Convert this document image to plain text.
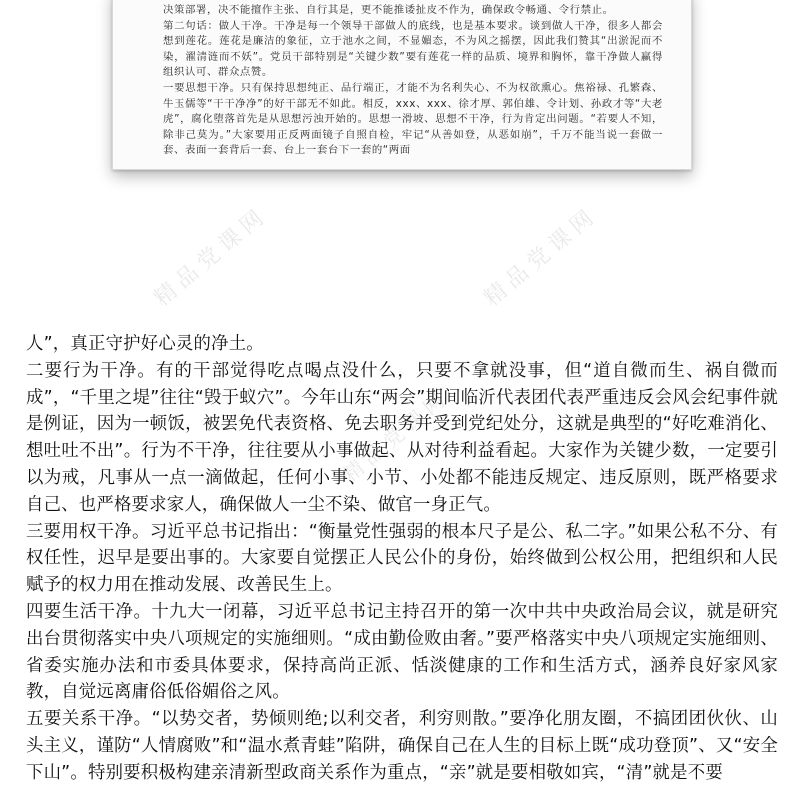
决策部署，决不能擅作主张、自行其是，更不能推诿扯皮不作为，确保政令畅通、令行禁止。

第二句话：做人干净。干净是每一个领导干部做人的底线，也是基本要求。谈到做人干净，很多人都会想到莲花。莲花是廉洁的象征，立于池水之间，不显媚态，不为风之摇摆，因此我们赞其“出淤泥而不染，濯清涟而不妖”。党员干部特别是“关键少数”要有莲花一样的品质、境界和胸怀，靠干净做人赢得组织认可、群众点赞。

一要思想干净。只有保持思想纯正、品行端正，才能不为名利失心、不为权欲熏心。焦裕禄、孔繁森、牛玉儒等“干干净净”的好干部无不如此。相反，xxx、xxx、徐才厚、郭伯雄、令计划、孙政才等“大老虎”，腐化堕落首先是从思想污浊开始的。思想一滑坡、思想不干净，行为肯定出问题。“若要人不知，除非己莫为。”大家要用正反两面镜子自照自检，牢记“从善如登，从恶如崩”，千万不能当说一套做一套、表面一套背后一套、台上一套台下一套的“两面

精品党课网	精品党课网
精品党课网

人”，真正守护好心灵的净土。

二要行为干净。有的干部觉得吃点喝点没什么，只要不拿就没事，但“道自微而生、祸自微而成”，“千里之堤”往往“毁于蚁穴”。今年山东“两会”期间临沂代表团代表严重违反会风会纪事件就是例证，因为一顿饭，被罢免代表资格、免去职务并受到党纪处分，这就是典型的“好吃难消化、想吐吐不出”。行为不干净，往往要从小事做起、从对待利益看起。大家作为关键少数，一定要引以为戒，凡事从一点一滴做起，任何小事、小节、小处都不能违反规定、违反原则，既严格要求自己、也严格要求家人，确保做人一尘不染、做官一身正气。

三要用权干净。习近平总书记指出：“衡量党性强弱的根本尺子是公、私二字。”如果公私不分、有权任性，迟早是要出事的。大家要自觉摆正人民公仆的身份，始终做到公权公用，把组织和人民赋予的权力用在推动发展、改善民生上。

四要生活干净。十九大一闭幕，习近平总书记主持召开的第一次中共中央政治局会议，就是研究出台贯彻落实中央八项规定的实施细则。“成由勤俭败由奢。”要严格落实中央八项规定实施细则、省委实施办法和市委具体要求，保持高尚正派、恬淡健康的工作和生活方式，涵养良好家风家教，自觉远离庸俗低俗媚俗之风。

五要关系干净。“以势交者，势倾则绝;以利交者，利穷则散。”要净化朋友圈，不搞团团伙伙、山头主义，谨防“人情腐败”和“温水煮青蛙”陷阱，确保自己在人生的目标上既“成功登顶”、又“安全下山”。特别要积极构建亲清新型政商关系作为重点，“亲”就是要相敬如宾，“清”就是不要
